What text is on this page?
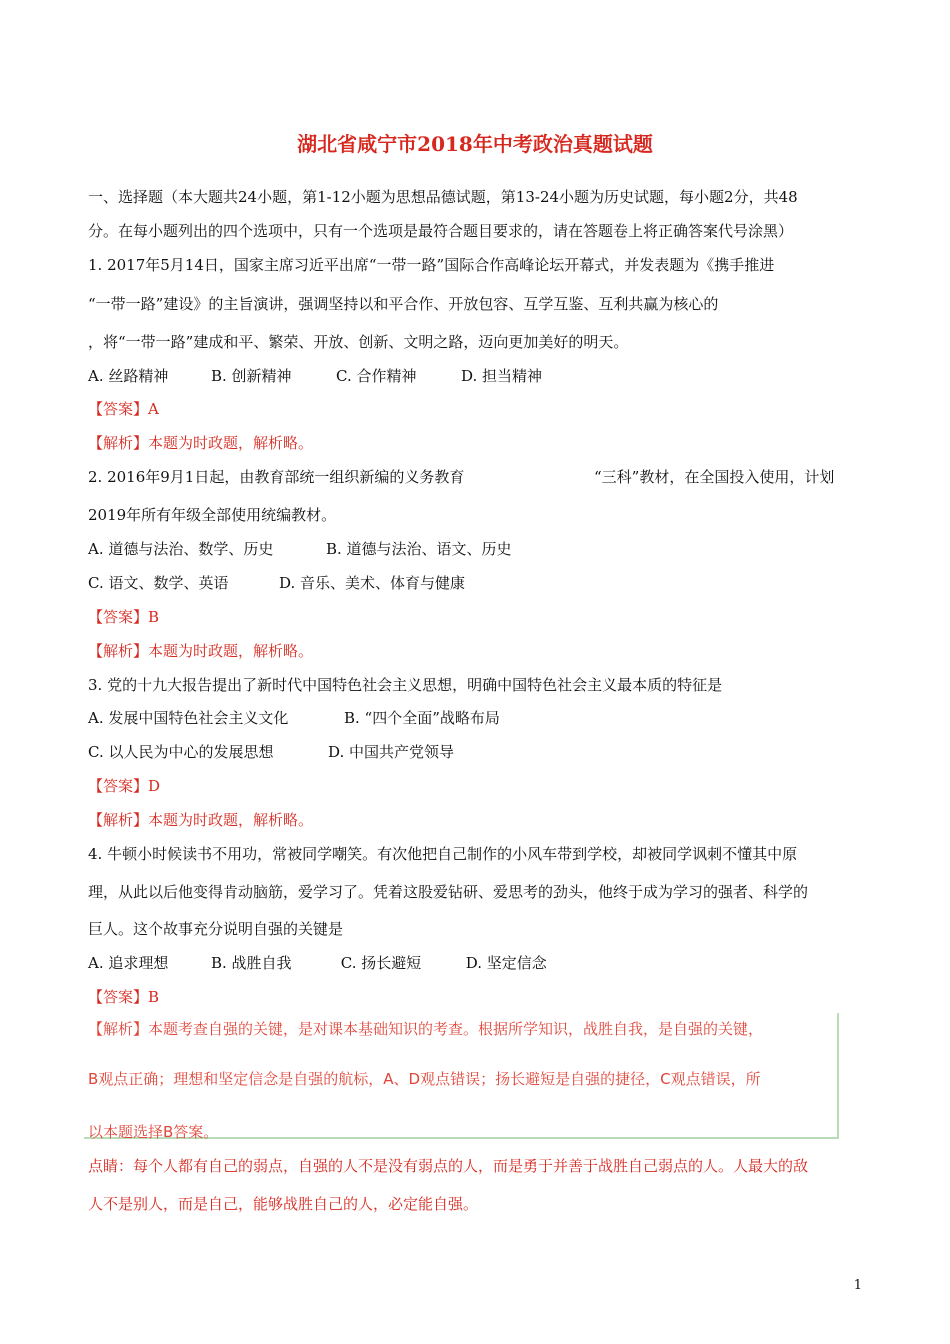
湖北省咸宁市2018年中考政治真题试题
一、选择题（本大题共24小题，第1-12小题为思想品德试题，第13-24小题为历史试题，每小题2分，共48
分。在每小题列出的四个选项中，只有一个选项是最符合题目要求的，请在答题卷上将正确答案代号涂黑）
1. 2017年5月14日，国家主席习近平出席“一带一路”国际合作高峰论坛开幕式，并发表题为《携手推进
“一带一路”建设》的主旨演讲，强调坚持以和平合作、开放包容、互学互鉴、互利共赢为核心的
，将“一带一路”建成和平、繁荣、开放、创新、文明之路，迈向更加美好的明天。
A. 丝路精神	B. 创新精神	C. 合作精神	D. 担当精神
【答案】A
【解析】本题为时政题，解析略。
2. 2016年9月1日起，由教育部统一组织新编的义务教育	“三科”教材，在全国投入使用，计划
2019年所有年级全部使用统编教材。
A. 道德与法治、数学、历史	B. 道德与法治、语文、历史
C. 语文、数学、英语	D. 音乐、美术、体育与健康
【答案】B
【解析】本题为时政题，解析略。
3. 党的十九大报告提出了新时代中国特色社会主义思想，明确中国特色社会主义最本质的特征是
A. 发展中国特色社会主义文化	B. “四个全面”战略布局
C. 以人民为中心的发展思想	D. 中国共产党领导
【答案】D
【解析】本题为时政题，解析略。
4. 牛顿小时候读书不用功，常被同学嘲笑。有次他把自己制作的小风车带到学校，却被同学讽刺不懂其中原
理，从此以后他变得肯动脑筋，爱学习了。凭着这股爱钻研、爱思考的劲头，他终于成为学习的强者、科学的
巨人。这个故事充分说明自强的关键是
A. 追求理想	B. 战胜自我	C. 扬长避短	D. 坚定信念
【答案】B
【解析】本题考查自强的关键，是对课本基础知识的考查。根据所学知识，战胜自我，是自强的关键，
B观点正确；理想和坚定信念是自强的航标，A、D观点错误；扬长避短是自强的捷径，C观点错误，所
以本题选择B答案。
点睛：每个人都有自己的弱点，自强的人不是没有弱点的人，而是勇于并善于战胜自己弱点的人。人最大的敌
人不是别人，而是自己，能够战胜自己的人，必定能自强。
1
